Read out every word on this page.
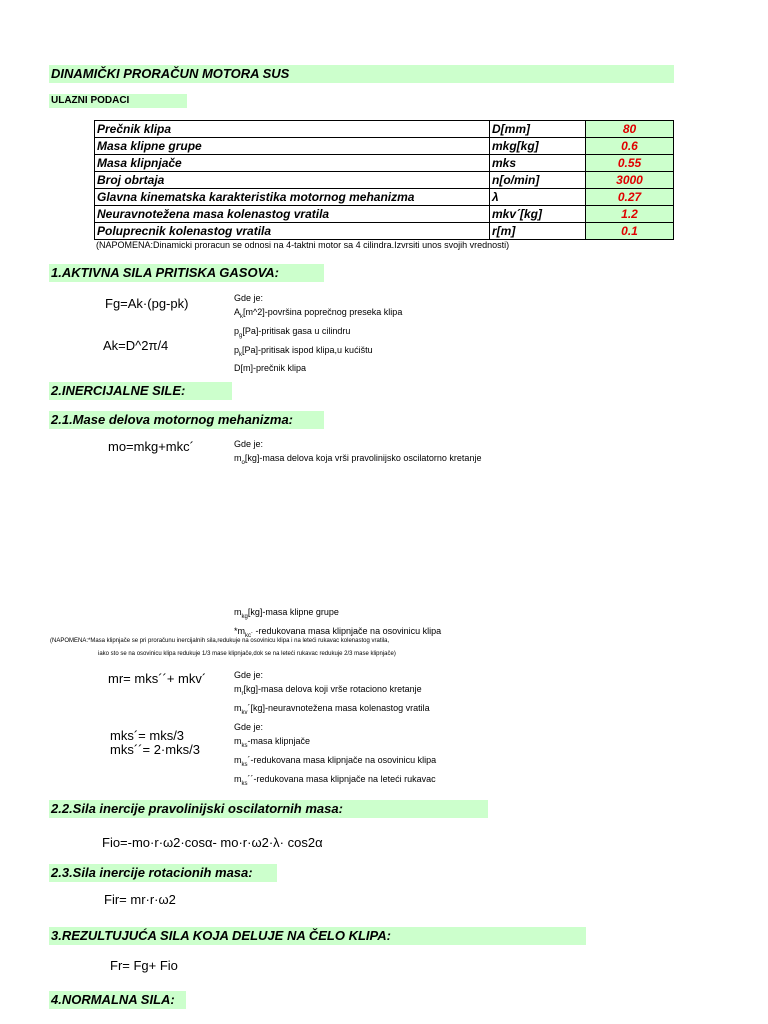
DINAMIČKI PRORAČUN MOTORA SUS
ULAZNI PODACI
Prečnik klipa	D[mm]	80
Masa klipne grupe	mkg[kg]	0.6
Masa klipnjače	mks	0.55
Broj obrtaja	n[o/min]	3000
Glavna kinematska karakteristika motornog mehanizma	λ	0.27
Neuravnotežena masa kolenastog vratila	mkv´[kg]	1.2
Poluprecnik kolenastog vratila	r[m]	0.1
(NAPOMENA:Dinamicki proracun se odnosi na 4-taktni motor sa 4 cilindra.Izvrsiti unos svojih vrednosti)
1.AKTIVNA SILA PRITISKA GASOVA:
Fg=Ak·(pg-pk)
Ak=D^2π/4
Gde je:
$A_k[m\^{}2]$-površina poprečnog preseka klipa
$p_g[Pa]$-pritisak gasa u cilindru
$p_k[Pa]$-pritisak ispod klipa,u kućištu
D[m]-prečnik klipa
2.INERCIJALNE SILE:
2.1.Mase delova motornog mehanizma:
mo=mkg+mkc´	Gde je:
$m_o[kg]$-masa delova koja vrši pravolinijsko oscilatorno kretanje
$m_{kg}[kg]$-masa klipne grupe
$*m_{kc´}$ -redukovana masa klipnjače na osovinicu klipa
(NAPOMENA:*Masa klipnjače se pri proračunu inercijalnih sila,redukuje na osovinicu klipa i na leteći rukavac kolenastog vratila,
iako sto se na osovinicu klipa redukuje 1/3 mase klipnjače,dok se na leteći rukavac redukuje 2/3 mase klipnjače)
mr= mks´´+ mkv´	Gde je:
$m_r[kg]$-masa delova koji vrše rotaciono kretanje
$m_{kv}´[kg]$-neuravnotežena masa kolenastog vratila
mks´= mks/3
mks´´= 2·mks/3
Gde je:
$m_{ks}$-masa klipnjače
$m_{ks}´$-redukovana masa klipnjače na osovinicu klipa
$m_{ks}´´$-redukovana masa klipnjače na leteći rukavac
2.2.Sila inercije pravolinijski oscilatornih masa:
Fio=-mo·r·ω2·cosα- mo·r·ω2·λ· cos2α
2.3.Sila inercije rotacionih masa:
Fir= mr·r·ω2
3.REZULTUJUĆA SILA KOJA DELUJE NA ČELO KLIPA:
Fr= Fg+ Fio
4.NORMALNA SILA:
